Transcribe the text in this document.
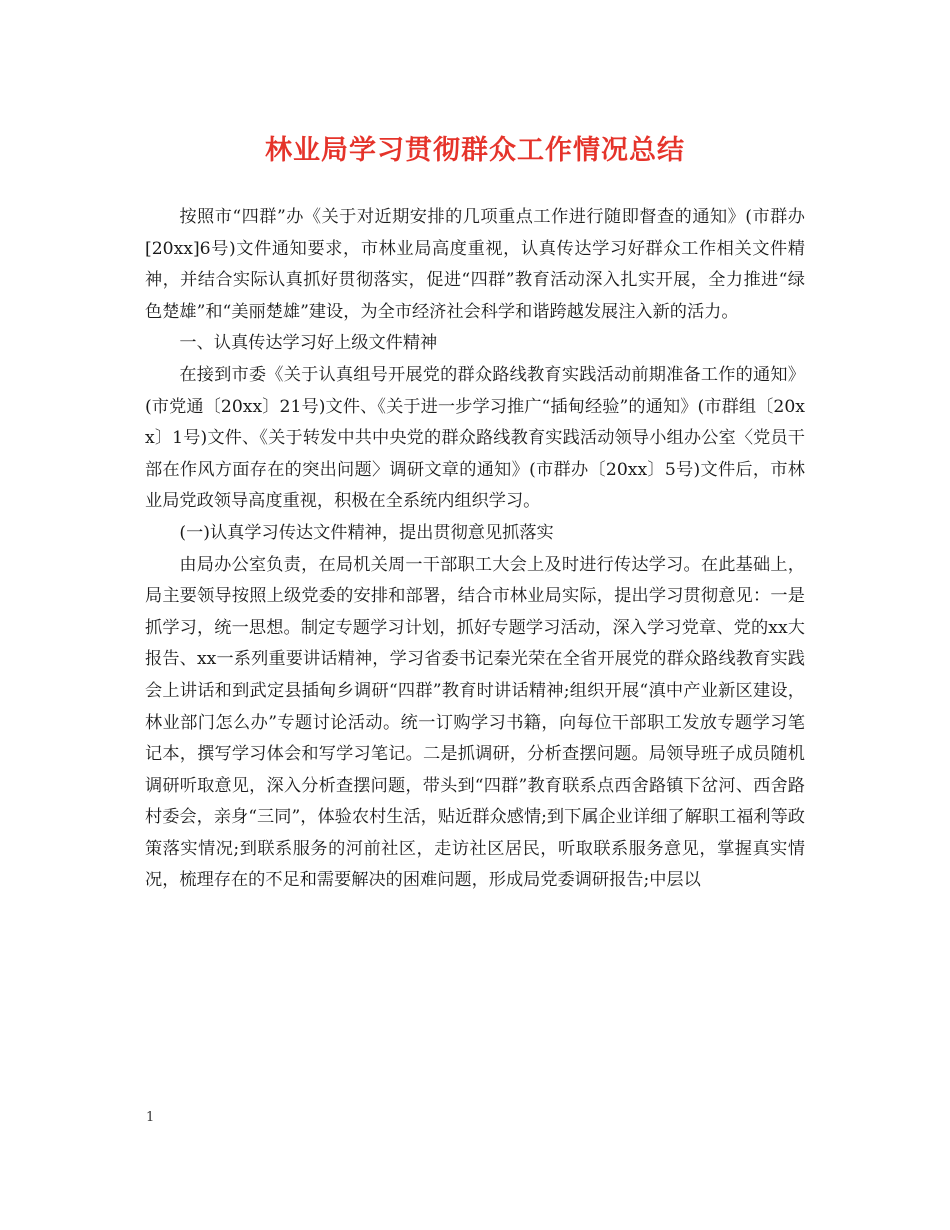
林业局学习贯彻群众工作情况总结

按照市“四群”办《关于对近期安排的几项重点工作进行随即督查的通知》(市群办[20xx]6号)文件通知要求，市林业局高度重视，认真传达学习好群众工作相关文件精神，并结合实际认真抓好贯彻落实，促进“四群”教育活动深入扎实开展，全力推进“绿色楚雄”和“美丽楚雄”建设，为全市经济社会科学和谐跨越发展注入新的活力。

一、认真传达学习好上级文件精神

在接到市委《关于认真组号开展党的群众路线教育实践活动前期准备工作的通知》(市党通〔20xx〕21号)文件、《关于进一步学习推广“插甸经验”的通知》(市群组〔20xx〕1号)文件、《关于转发中共中央党的群众路线教育实践活动领导小组办公室〈党员干部在作风方面存在的突出问题〉调研文章的通知》(市群办〔20xx〕5号)文件后，市林业局党政领导高度重视，积极在全系统内组织学习。

(一)认真学习传达文件精神，提出贯彻意见抓落实

由局办公室负责，在局机关周一干部职工大会上及时进行传达学习。在此基础上，局主要领导按照上级党委的安排和部署，结合市林业局实际，提出学习贯彻意见：一是抓学习，统一思想。制定专题学习计划，抓好专题学习活动，深入学习党章、党的xx大报告、xx一系列重要讲话精神，学习省委书记秦光荣在全省开展党的群众路线教育实践会上讲话和到武定县插甸乡调研“四群”教育时讲话精神;组织开展“滇中产业新区建设，林业部门怎么办”专题讨论活动。统一订购学习书籍，向每位干部职工发放专题学习笔记本，撰写学习体会和写学习笔记。二是抓调研，分析查摆问题。局领导班子成员随机调研听取意见，深入分析查摆问题，带头到“四群”教育联系点西舍路镇下岔河、西舍路村委会，亲身“三同”，体验农村生活，贴近群众感情;到下属企业详细了解职工福利等政策落实情况;到联系服务的河前社区，走访社区居民，听取联系服务意见，掌握真实情况，梳理存在的不足和需要解决的困难问题，形成局党委调研报告;中层以

1
